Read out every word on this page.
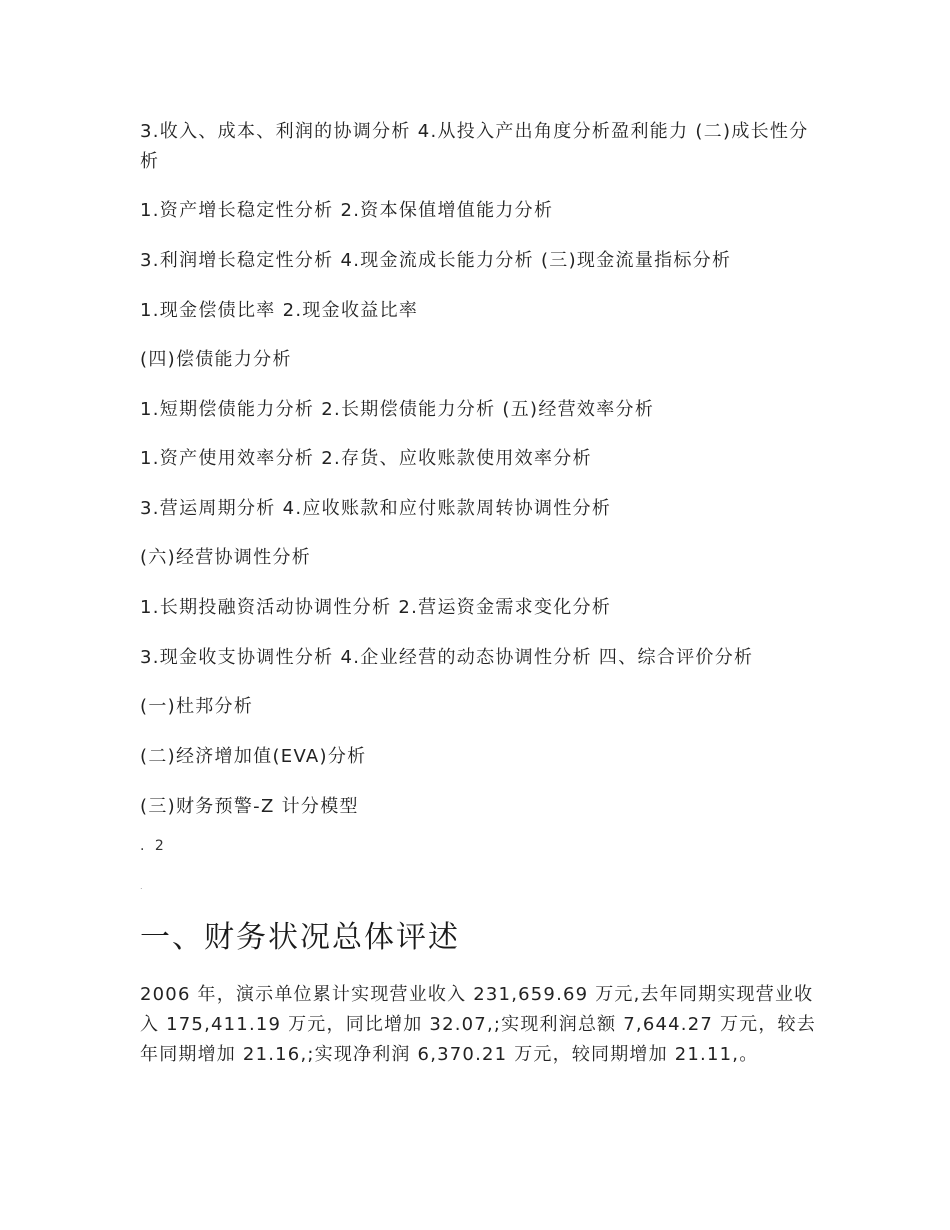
3.收入、成本、利润的协调分析 4.从投入产出角度分析盈利能力 (二)成长性分析
1.资产增长稳定性分析 2.资本保值增值能力分析
3.利润增长稳定性分析 4.现金流成长能力分析 (三)现金流量指标分析
1.现金偿债比率 2.现金收益比率
(四)偿债能力分析
1.短期偿债能力分析 2.长期偿债能力分析 (五)经营效率分析
1.资产使用效率分析 2.存货、应收账款使用效率分析
3.营运周期分析 4.应收账款和应付账款周转协调性分析
(六)经营协调性分析
1.长期投融资活动协调性分析 2.营运资金需求变化分析
3.现金收支协调性分析 4.企业经营的动态协调性分析 四、综合评价分析
(一)杜邦分析
(二)经济增加值(EVA)分析
(三)财务预警-Z 计分模型
. 2
.
一、财务状况总体评述
2006 年，演示单位累计实现营业收入 231,659.69 万元,去年同期实现营业收入 175,411.19 万元，同比增加 32.07,;实现利润总额 7,644.27 万元，较去年同期增加 21.16,;实现净利润 6,370.21 万元，较同期增加 21.11,。
